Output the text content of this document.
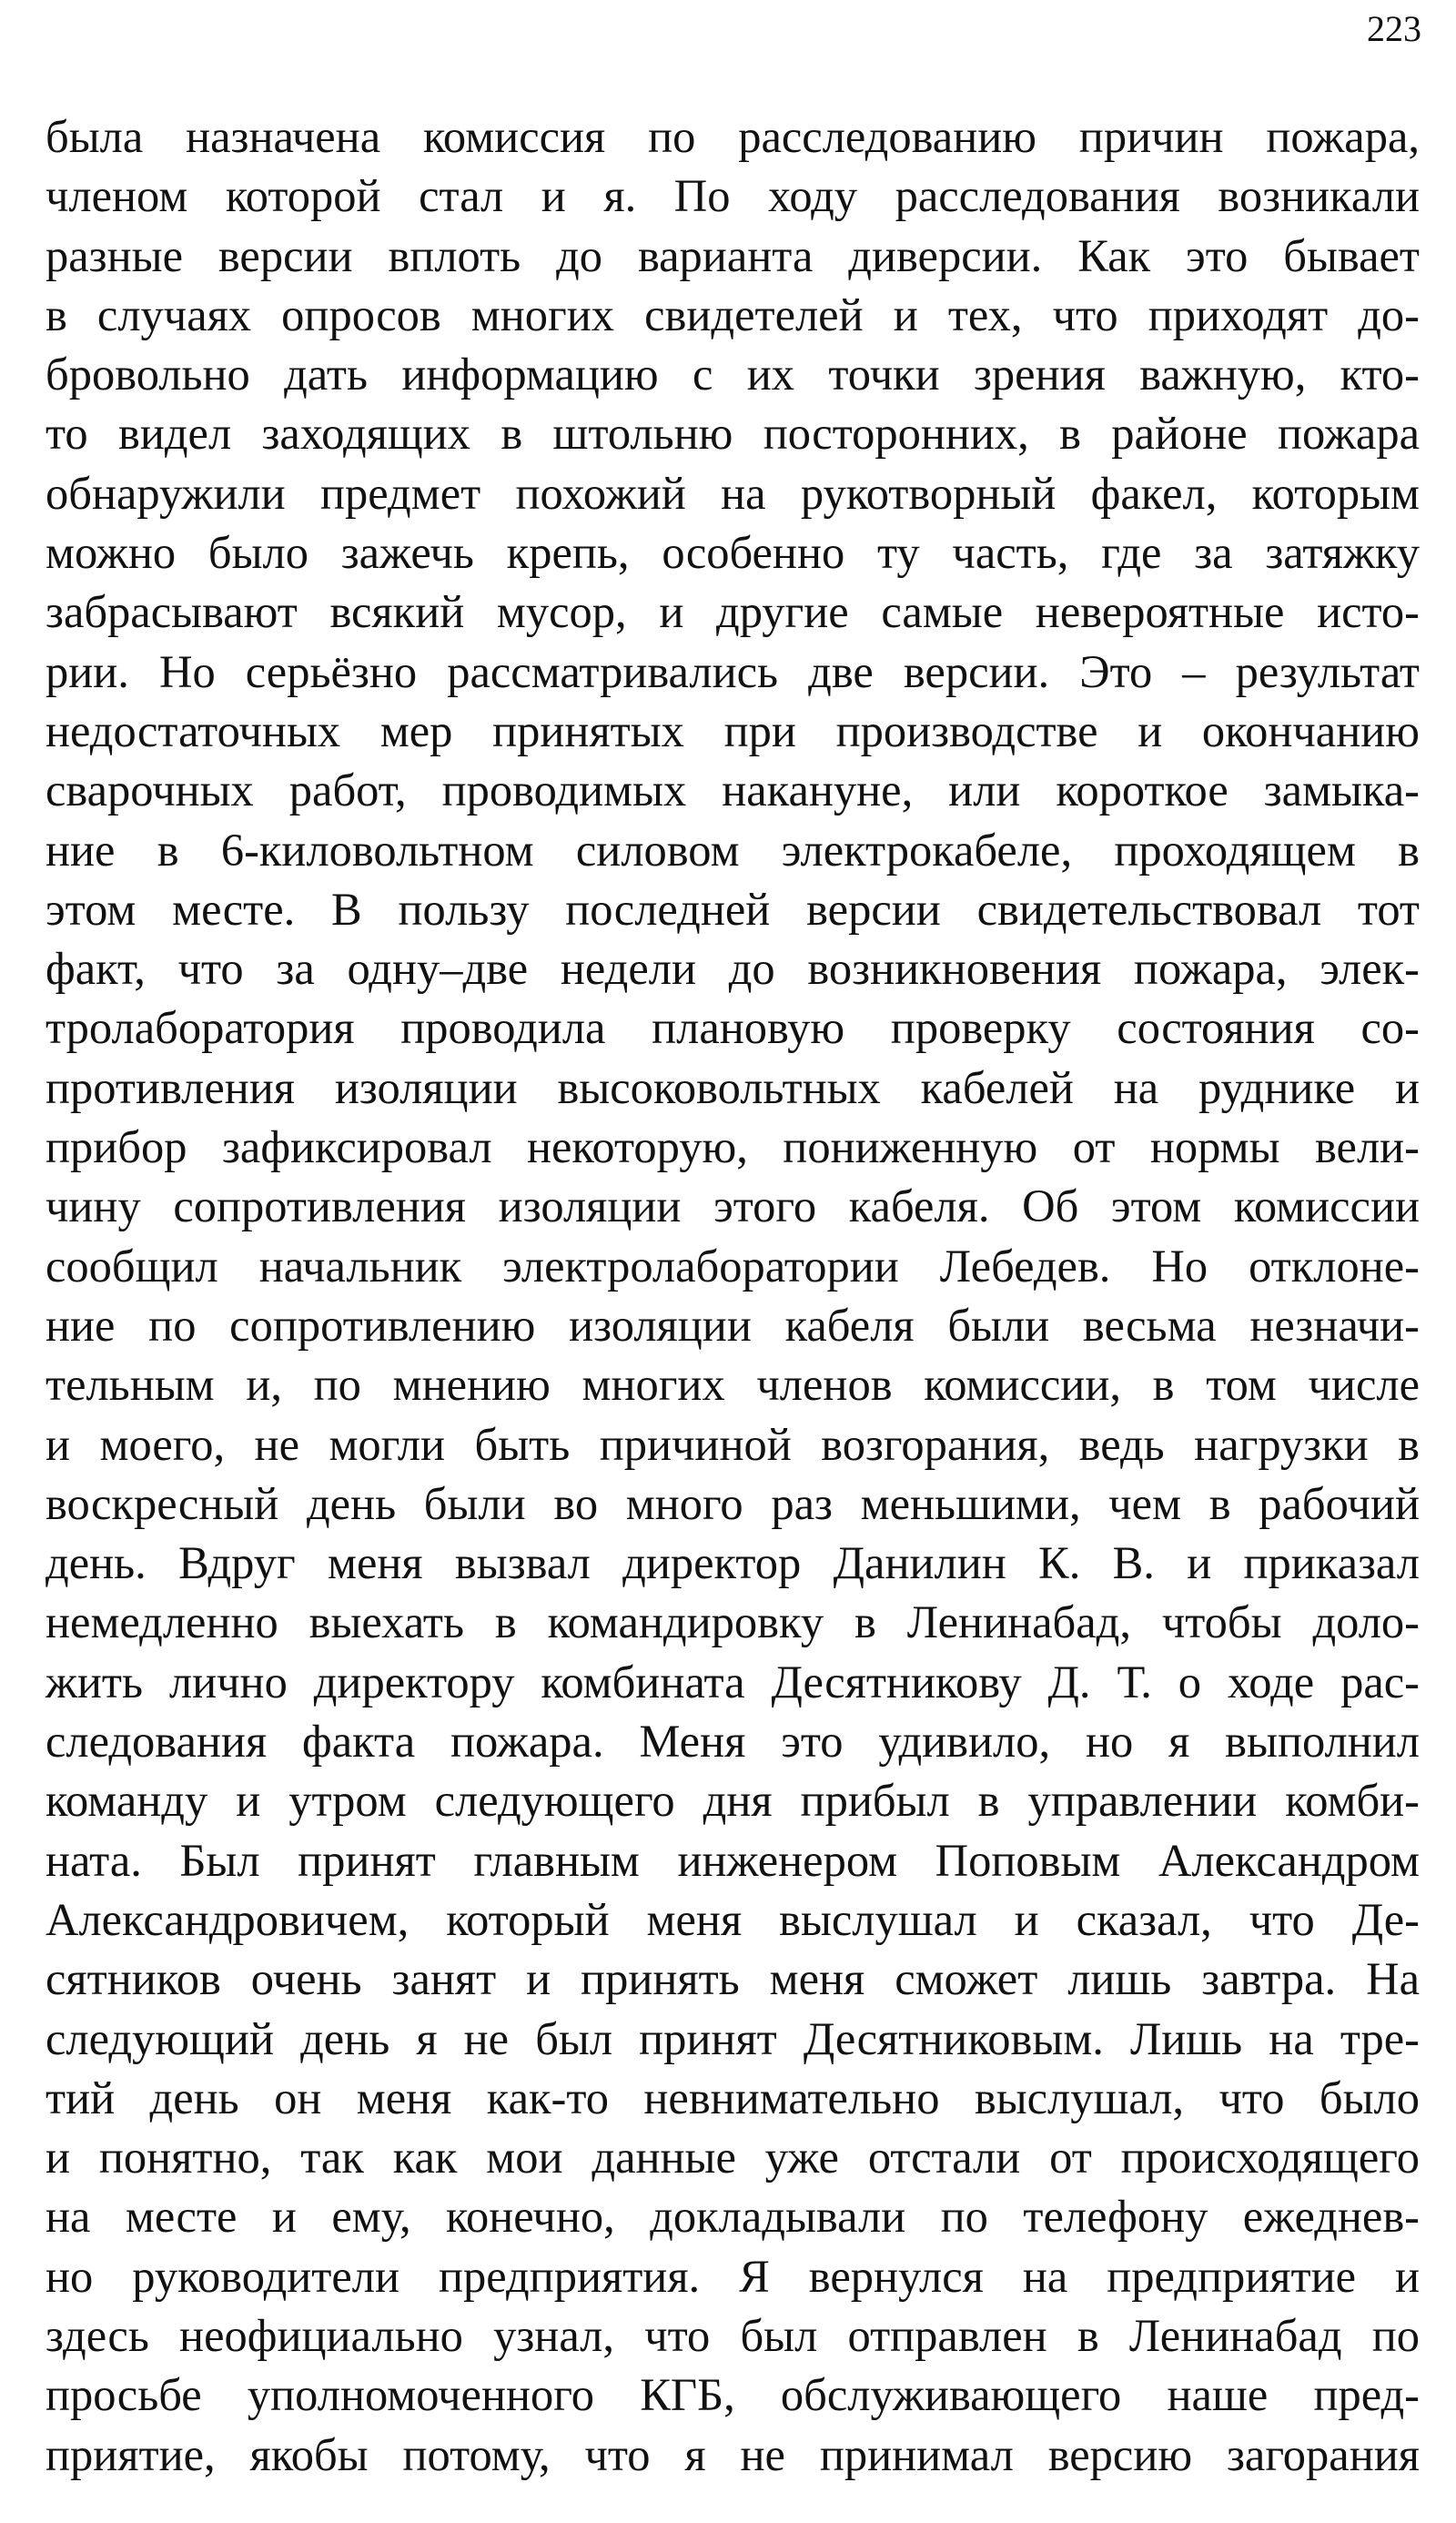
223
была назначена комиссия по расследованию причин пожара,
членом которой стал и я. По ходу расследования возникали
разные версии вплоть до варианта диверсии. Как это бывает
в случаях опросов многих свидетелей и тех, что приходят до-
бровольно дать информацию с их точки зрения важную, кто-
то видел заходящих в штольню посторонних, в районе пожара
обнаружили предмет похожий на рукотворный факел, которым
можно было зажечь крепь, особенно ту часть, где за затяжку
забрасывают всякий мусор, и другие самые невероятные исто-
рии. Но серьёзно рассматривались две версии. Это – результат
недостаточных мер принятых при производстве и окончанию
сварочных работ, проводимых накануне, или короткое замыка-
ние в 6-киловольтном силовом электрокабеле, проходящем в
этом месте. В пользу последней версии свидетельствовал тот
факт, что за одну–две недели до возникновения пожара, элек-
тролаборатория проводила плановую проверку состояния со-
противления изоляции высоковольтных кабелей на руднике и
прибор зафиксировал некоторую, пониженную от нормы вели-
чину сопротивления изоляции этого кабеля. Об этом комиссии
сообщил начальник электролаборатории Лебедев. Но отклоне-
ние по сопротивлению изоляции кабеля были весьма незначи-
тельным и, по мнению многих членов комиссии, в том числе
и моего, не могли быть причиной возгорания, ведь нагрузки в
воскресный день были во много раз меньшими, чем в рабочий
день. Вдруг меня вызвал директор Данилин К. В. и приказал
немедленно выехать в командировку в Ленинабад, чтобы доло-
жить лично директору комбината Десятникову Д. Т. о ходе рас-
следования факта пожара. Меня это удивило, но я выполнил
команду и утром следующего дня прибыл в управлении комби-
ната. Был принят главным инженером Поповым Александром
Александровичем, который меня выслушал и сказал, что Де-
сятников очень занят и принять меня сможет лишь завтра. На
следующий день я не был принят Десятниковым. Лишь на тре-
тий день он меня как-то невнимательно выслушал, что было
и понятно, так как мои данные уже отстали от происходящего
на месте и ему, конечно, докладывали по телефону ежеднев-
но руководители предприятия. Я вернулся на предприятие и
здесь неофициально узнал, что был отправлен в Ленинабад по
просьбе уполномоченного КГБ, обслуживающего наше пред-
приятие, якобы потому, что я не принимал версию загорания
